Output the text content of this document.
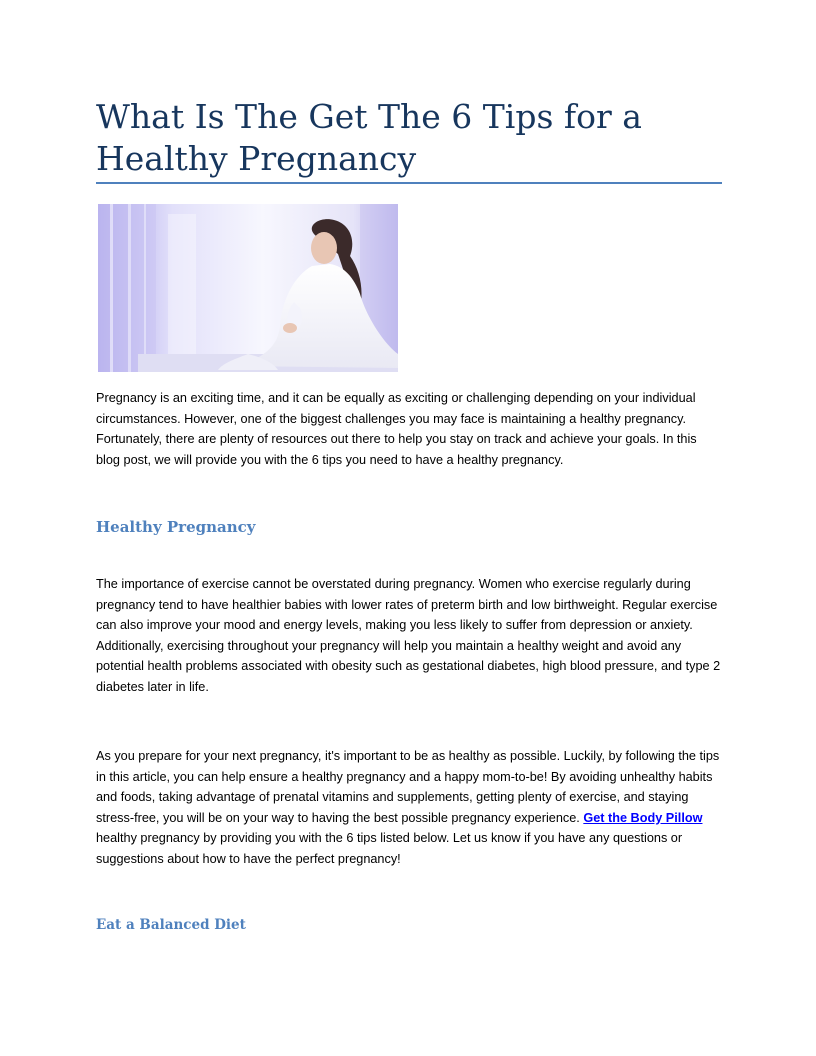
What Is The Get The 6 Tips for a Healthy Pregnancy

Pregnancy is an exciting time, and it can be equally as exciting or challenging depending on your individual circumstances. However, one of the biggest challenges you may face is maintaining a healthy pregnancy. Fortunately, there are plenty of resources out there to help you stay on track and achieve your goals. In this blog post, we will provide you with the 6 tips you need to have a healthy pregnancy.

Healthy Pregnancy

The importance of exercise cannot be overstated during pregnancy. Women who exercise regularly during pregnancy tend to have healthier babies with lower rates of preterm birth and low birthweight. Regular exercise can also improve your mood and energy levels, making you less likely to suffer from depression or anxiety. Additionally, exercising throughout your pregnancy will help you maintain a healthy weight and avoid any potential health problems associated with obesity such as gestational diabetes, high blood pressure, and type 2 diabetes later in life.

As you prepare for your next pregnancy, it's important to be as healthy as possible. Luckily, by following the tips in this article, you can help ensure a healthy pregnancy and a happy mom-to-be! By avoiding unhealthy habits and foods, taking advantage of prenatal vitamins and supplements, getting plenty of exercise, and staying stress-free, you will be on your way to having the best possible pregnancy experience. Get the Body Pillow healthy pregnancy by providing you with the 6 tips listed below. Let us know if you have any questions or suggestions about how to have the perfect pregnancy!

Eat a Balanced Diet
